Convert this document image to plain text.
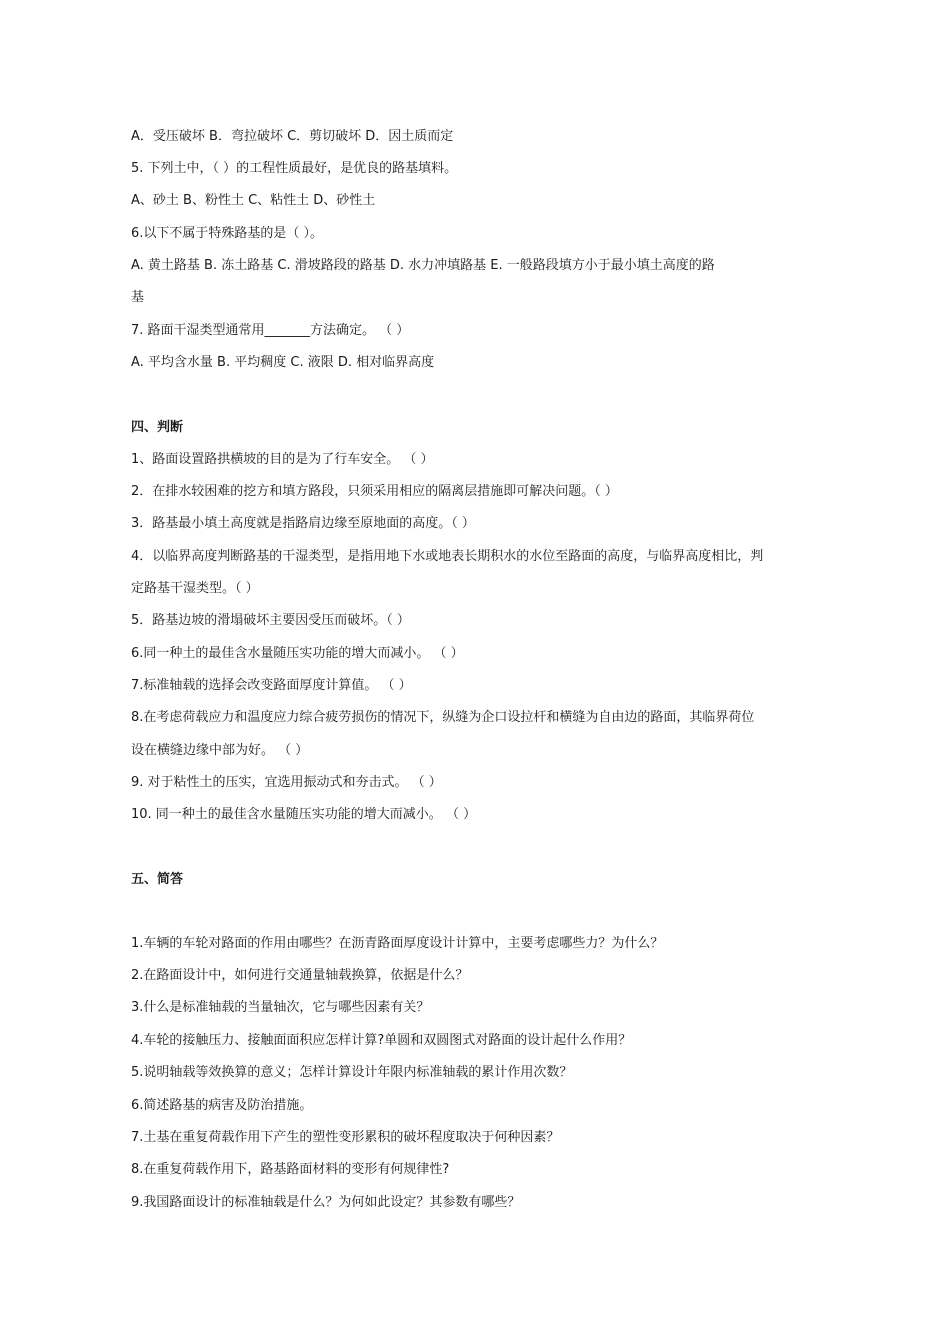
A．受压破坏 B．弯拉破坏 C．剪切破坏 D．因土质而定
5. 下列土中，（ ）的工程性质最好，是优良的路基填料。
A、砂土 B、粉性土 C、粘性土 D、砂性土
6.以下不属于特殊路基的是（ ）。
A. 黄土路基 B. 冻土路基 C. 滑坡路段的路基 D. 水力冲填路基 E. 一般路段填方小于最小填土高度的路
基
7. 路面干湿类型通常用_______方法确定。 （ ）
A. 平均含水量 B. 平均稠度 C. 液限 D. 相对临界高度
四、判断
1、路面设置路拱横坡的目的是为了行车安全。 （ ）
2．在排水较困难的挖方和填方路段，只须采用相应的隔离层措施即可解决问题。（ ）
3．路基最小填土高度就是指路肩边缘至原地面的高度。（ ）
4．以临界高度判断路基的干湿类型，是指用地下水或地表长期积水的水位至路面的高度，与临界高度相比，判
定路基干湿类型。（ ）
5．路基边坡的滑塌破坏主要因受压而破坏。（ ）
6.同一种土的最佳含水量随压实功能的增大而减小。 （ ）
7.标准轴载的选择会改变路面厚度计算值。 （ ）
8.在考虑荷载应力和温度应力综合疲劳损伤的情况下，纵缝为企口设拉杆和横缝为自由边的路面，其临界荷位
设在横缝边缘中部为好。 （ ）
9. 对于粘性土的压实，宜选用振动式和夯击式。 （ ）
10. 同一种土的最佳含水量随压实功能的增大而减小。 （ ）
五、简答
1.车辆的车轮对路面的作用由哪些？在沥青路面厚度设计计算中，主要考虑哪些力？为什么？
2.在路面设计中，如何进行交通量轴载换算，依据是什么？
3.什么是标准轴载的当量轴次，它与哪些因素有关？
4.车轮的接触压力、接触面面积应怎样计算?单圆和双圆图式对路面的设计起什么作用？
5.说明轴载等效换算的意义；怎样计算设计年限内标准轴载的累计作用次数？
6.简述路基的病害及防治措施。
7.土基在重复荷载作用下产生的塑性变形累积的破坏程度取决于何种因素？
8.在重复荷载作用下，路基路面材料的变形有何规律性?
9.我国路面设计的标准轴载是什么？为何如此设定？其参数有哪些？
